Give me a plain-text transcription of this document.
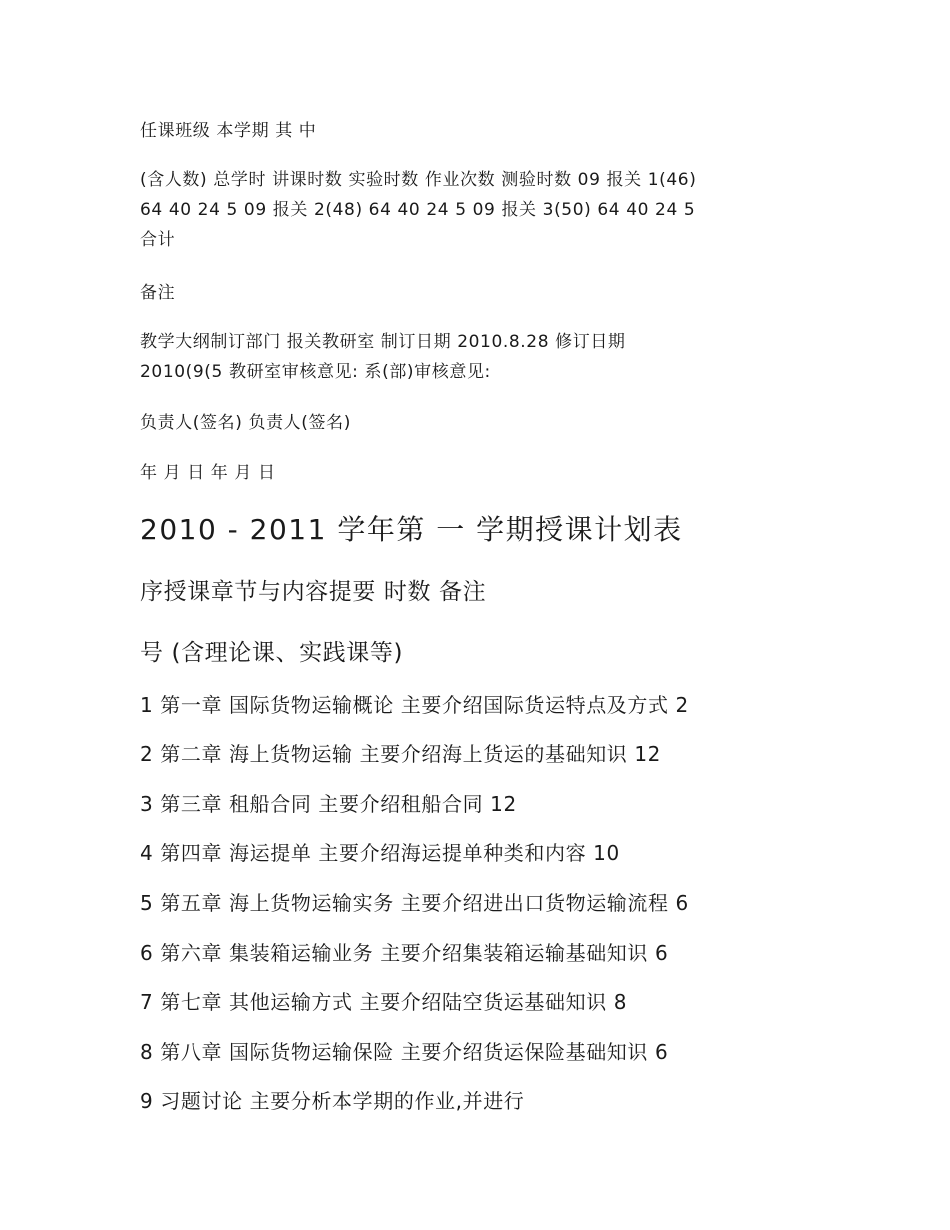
任课班级 本学期 其 中
(含人数) 总学时 讲课时数 实验时数 作业次数 测验时数 09 报关 1(46)
64 40 24 5 09 报关 2(48) 64 40 24 5 09 报关 3(50) 64 40 24 5
合计
备注
教学大纲制订部门 报关教研室 制订日期 2010.8.28 修订日期
2010(9(5 教研室审核意见: 系(部)审核意见:
负责人(签名) 负责人(签名)
年 月 日 年 月 日
2010 - 2011 学年第 一 学期授课计划表
序授课章节与内容提要 时数 备注
号 (含理论课、实践课等)
1 第一章 国际货物运输概论 主要介绍国际货运特点及方式 2
2 第二章 海上货物运输 主要介绍海上货运的基础知识 12
3 第三章 租船合同 主要介绍租船合同 12
4 第四章 海运提单 主要介绍海运提单种类和内容 10
5 第五章 海上货物运输实务 主要介绍进出口货物运输流程 6
6 第六章 集装箱运输业务 主要介绍集装箱运输基础知识 6
7 第七章 其他运输方式 主要介绍陆空货运基础知识 8
8 第八章 国际货物运输保险 主要介绍货运保险基础知识 6
9 习题讨论 主要分析本学期的作业,并进行
